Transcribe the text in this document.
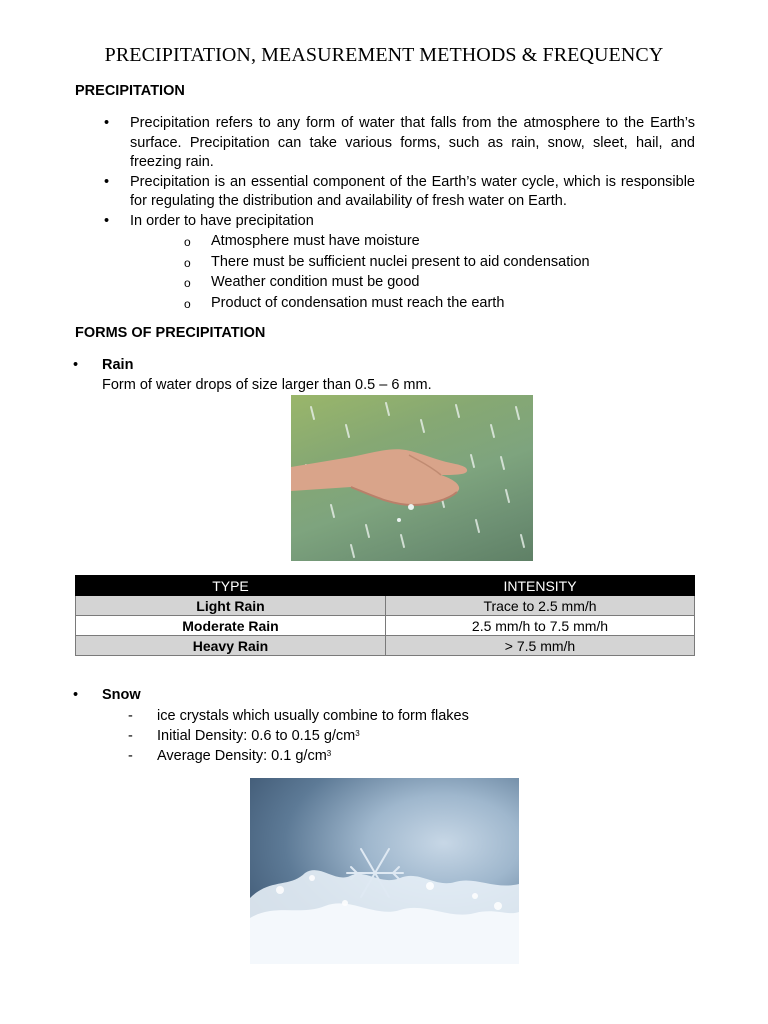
PRECIPITATION, MEASUREMENT METHODS & FREQUENCY
PRECIPITATION
• Precipitation refers to any form of water that falls from the atmosphere to the Earth’s surface. Precipitation can take various forms, such as rain, snow, sleet, hail, and freezing rain.
• Precipitation is an essential component of the Earth’s water cycle, which is responsible for regulating the distribution and availability of fresh water on Earth.
• In order to have precipitation
o Atmosphere must have moisture
o There must be sufficient nuclei present to aid condensation
o Weather condition must be good
o Product of condensation must reach the earth
FORMS OF PRECIPITATION
• Rain
Form of water drops of size larger than 0.5 – 6 mm.
TYPE	INTENSITY
Light Rain	Trace to 2.5 mm/h
Moderate Rain	2.5 mm/h to 7.5 mm/h
Heavy Rain	> 7.5 mm/h
• Snow
- ice crystals which usually combine to form flakes
- Initial Density: 0.6 to 0.15 $g/cm^3$
- Average Density: 0.1 $g/cm^3$
